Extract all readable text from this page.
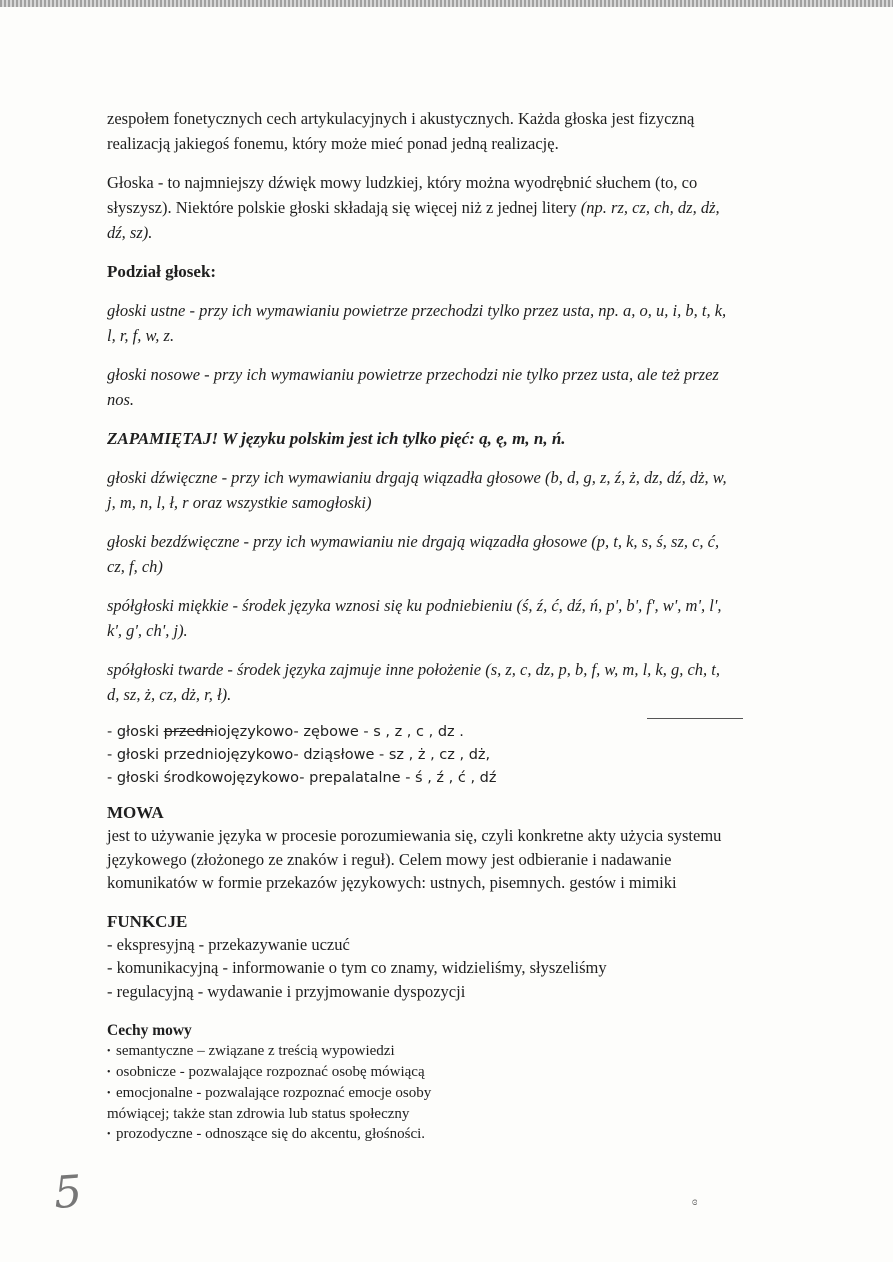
zespołem fonetycznych cech artykulacyjnych i akustycznych. Każda głoska jest fizyczną

realizacją jakiegoś fonemu, który może mieć ponad jedną realizację.

Głoska - to najmniejszy dźwięk mowy ludzkiej, który można wyodrębnić słuchem (to, co

słyszysz). Niektóre polskie głoski składają się więcej niż z jednej litery (np. rz, cz, ch, dz, dż,

dź, sz).

Podział głosek:

głoski ustne - przy ich wymawianiu powietrze przechodzi tylko przez usta, np. a, o, u, i, b, t, k,

l, r, f, w, z.

głoski nosowe - przy ich wymawianiu powietrze przechodzi nie tylko przez usta, ale też przez

nos.

ZAPAMIĘTAJ! W języku polskim jest ich tylko pięć: ą, ę, m, n, ń.

głoski dźwięczne - przy ich wymawianiu drgają wiązadła głosowe (b, d, g, z, ź, ż, dz, dź, dż, w,

j, m, n, l, ł, r oraz wszystkie samogłoski)

głoski bezdźwięczne - przy ich wymawianiu nie drgają wiązadła głosowe (p, t, k, s, ś, sz, c, ć,

cz, f, ch)

spółgłoski miękkie - środek języka wznosi się ku podniebieniu (ś, ź, ć, dź, ń, p', b', f', w', m', l',

k', g', ch', j).

spółgłoski twarde - środek języka zajmuje inne położenie (s, z, c, dz, p, b, f, w, m, l, k, g, ch, t,

d, sz, ż, cz, dż, r, ł).

- głoski przedniojęzykowo- zębowe - s , z , c , dz .

- głoski przedniojęzykowo- dziąsłowe - sz , ż , cz , dż,

- głoski środkowojęzykowo- prepalatalne - ś , ź , ć , dź

MOWA

jest to używanie języka w procesie porozumiewania się, czyli konkretne akty użycia systemu

językowego (złożonego ze znaków i reguł). Celem mowy jest odbieranie i nadawanie

komunikatów w formie przekazów językowych: ustnych, pisemnych. gestów i mimiki

FUNKCJE

- ekspresyjną - przekazywanie uczuć

- komunikacyjną - informowanie o tym co znamy, widzieliśmy, słyszeliśmy

- regulacyjną - wydawanie i przyjmowanie dyspozycji

Cechy mowy

• semantyczne – związane z treścią wypowiedzi

• osobnicze - pozwalające rozpoznać osobę mówiącą

• emocjonalne - pozwalające rozpoznać emocje osoby

mówiącej; także stan zdrowia lub status społeczny

• prozodyczne - odnoszące się do akcentu, głośności.

5	ɞ
